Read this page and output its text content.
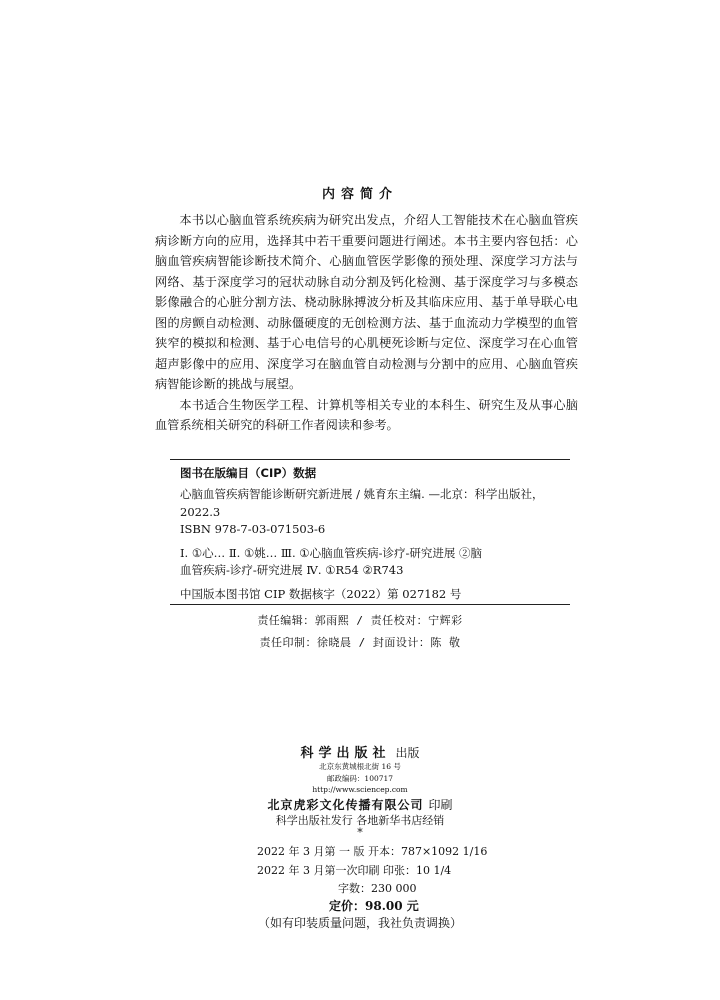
内容简介

本书以心脑血管系统疾病为研究出发点，介绍人工智能技术在心脑血管疾病诊断方向的应用，选择其中若干重要问题进行阐述。本书主要内容包括：心脑血管疾病智能诊断技术简介、心脑血管医学影像的预处理、深度学习方法与网络、基于深度学习的冠状动脉自动分割及钙化检测、基于深度学习与多模态影像融合的心脏分割方法、桡动脉脉搏波分析及其临床应用、基于单导联心电图的房颤自动检测、动脉僵硬度的无创检测方法、基于血流动力学模型的血管狭窄的模拟和检测、基于心电信号的心肌梗死诊断与定位、深度学习在心血管超声影像中的应用、深度学习在脑血管自动检测与分割中的应用、心脑血管疾病智能诊断的挑战与展望。

本书适合生物医学工程、计算机等相关专业的本科生、研究生及从事心脑血管系统相关研究的科研工作者阅读和参考。

图书在版编目（CIP）数据
心脑血管疾病智能诊断研究新进展 / 姚育东主编. —北京：科学出版社，
2022.3
ISBN 978-7-03-071503-6
Ⅰ. ①心… Ⅱ. ①姚… Ⅲ. ①心脑血管疾病-诊疗-研究进展 ②脑
血管疾病-诊疗-研究进展 Ⅳ. ①R54 ②R743
中国版本图书馆 CIP 数据核字（2022）第 027182 号
责任编辑：郭雨熙 / 责任校对：宁辉彩
责任印制：徐晓晨 / 封面设计：陈 敬
科学出版社 出版
北京东黄城根北街 16 号
邮政编码：100717
http://www.sciencep.com
北京虎彩文化传播有限公司 印刷
科学出版社发行 各地新华书店经销
*
2022 年 3 月第 一 版 开本：787×1092 1/16
2022 年 3 月第一次印刷 印张：10 1/4
字数：230 000
定价：98.00 元
（如有印装质量问题，我社负责调换）
